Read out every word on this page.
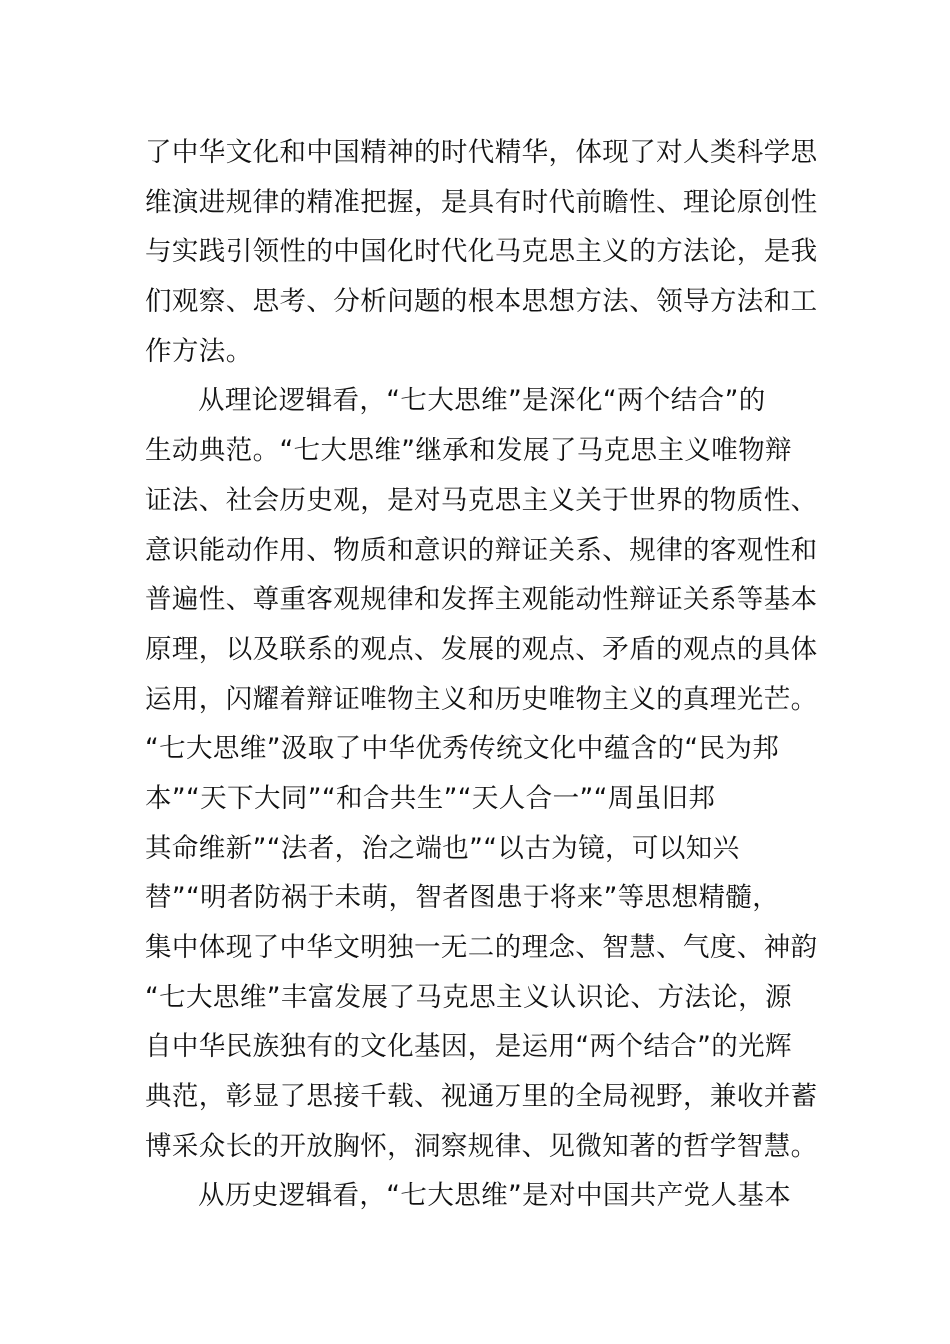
了中华文化和中国精神的时代精华，体现了对人类科学思
维演进规律的精准把握，是具有时代前瞻性、理论原创性
与实践引领性的中国化时代化马克思主义的方法论，是我
们观察、思考、分析问题的根本思想方法、领导方法和工
作方法。
从理论逻辑看，“七大思维”是深化“两个结合”的
生动典范。“七大思维”继承和发展了马克思主义唯物辩
证法、社会历史观，是对马克思主义关于世界的物质性、
意识能动作用、物质和意识的辩证关系、规律的客观性和
普遍性、尊重客观规律和发挥主观能动性辩证关系等基本
原理，以及联系的观点、发展的观点、矛盾的观点的具体
运用，闪耀着辩证唯物主义和历史唯物主义的真理光芒。
“七大思维”汲取了中华优秀传统文化中蕴含的“民为邦
本”“天下大同”“和合共生”“天人合一”“周虽旧邦
其命维新”“法者，治之端也”“以古为镜，可以知兴
替”“明者防祸于未萌，智者图患于将来”等思想精髓，
集中体现了中华文明独一无二的理念、智慧、气度、神韵
“七大思维”丰富发展了马克思主义认识论、方法论，源
自中华民族独有的文化基因，是运用“两个结合”的光辉
典范，彰显了思接千载、视通万里的全局视野，兼收并蓄
博采众长的开放胸怀，洞察规律、见微知著的哲学智慧。
从历史逻辑看，“七大思维”是对中国共产党人基本
